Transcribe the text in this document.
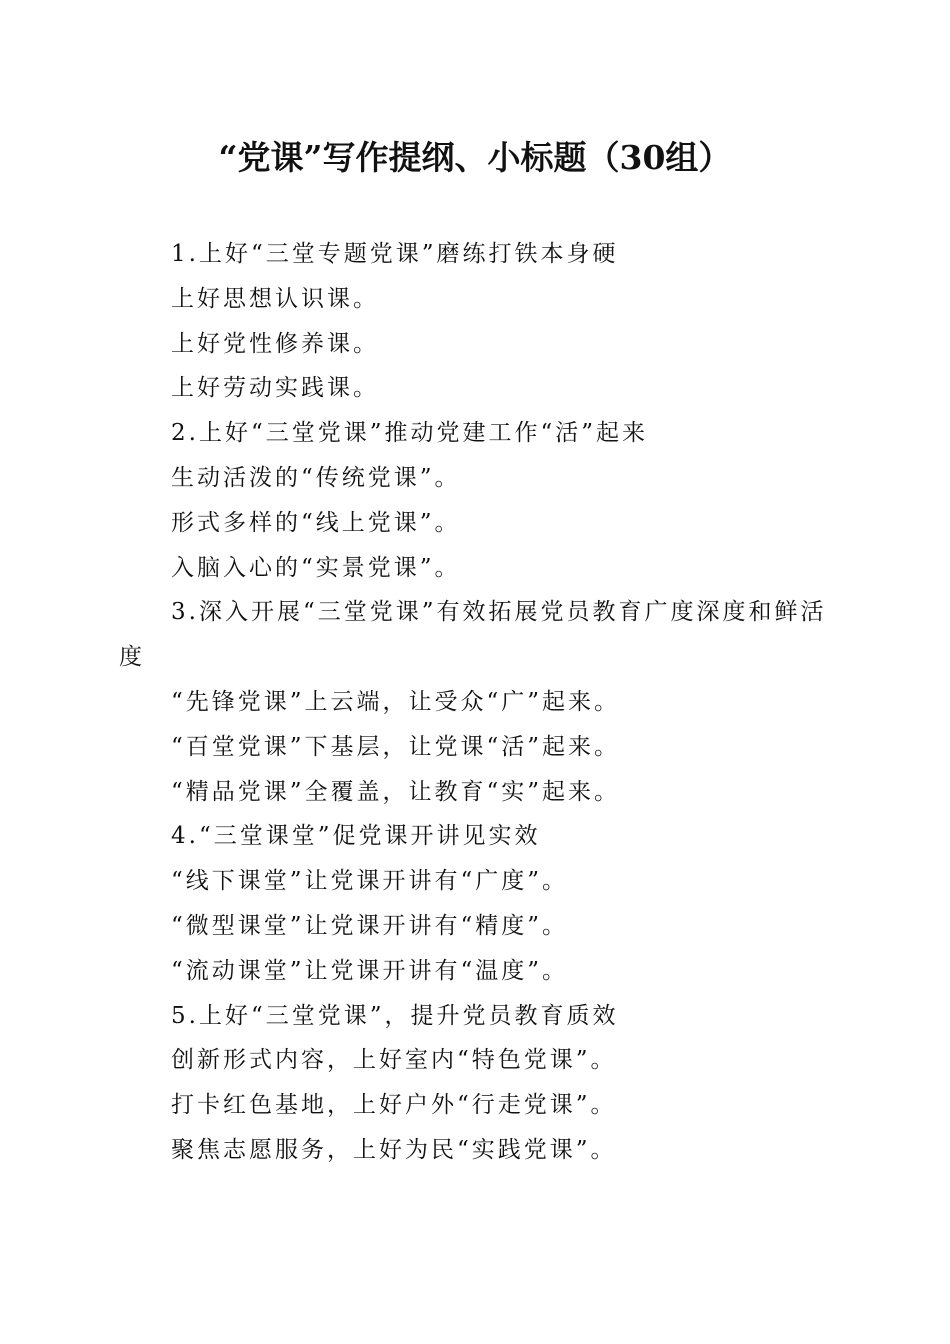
“党课”写作提纲、小标题（30组）

1.上好“三堂专题党课”磨练打铁本身硬

上好思想认识课。

上好党性修养课。

上好劳动实践课。

2.上好“三堂党课”推动党建工作“活”起来

生动活泼的“传统党课”。

形式多样的“线上党课”。

入脑入心的“实景党课”。

3.深入开展“三堂党课”有效拓展党员教育广度深度和鲜活度

“先锋党课”上云端，让受众“广”起来。

“百堂党课”下基层，让党课“活”起来。

“精品党课”全覆盖，让教育“实”起来。

4.“三堂课堂”促党课开讲见实效

“线下课堂”让党课开讲有“广度”。

“微型课堂”让党课开讲有“精度”。

“流动课堂”让党课开讲有“温度”。

5.上好“三堂党课”，提升党员教育质效

创新形式内容，上好室内“特色党课”。

打卡红色基地，上好户外“行走党课”。

聚焦志愿服务，上好为民“实践党课”。
